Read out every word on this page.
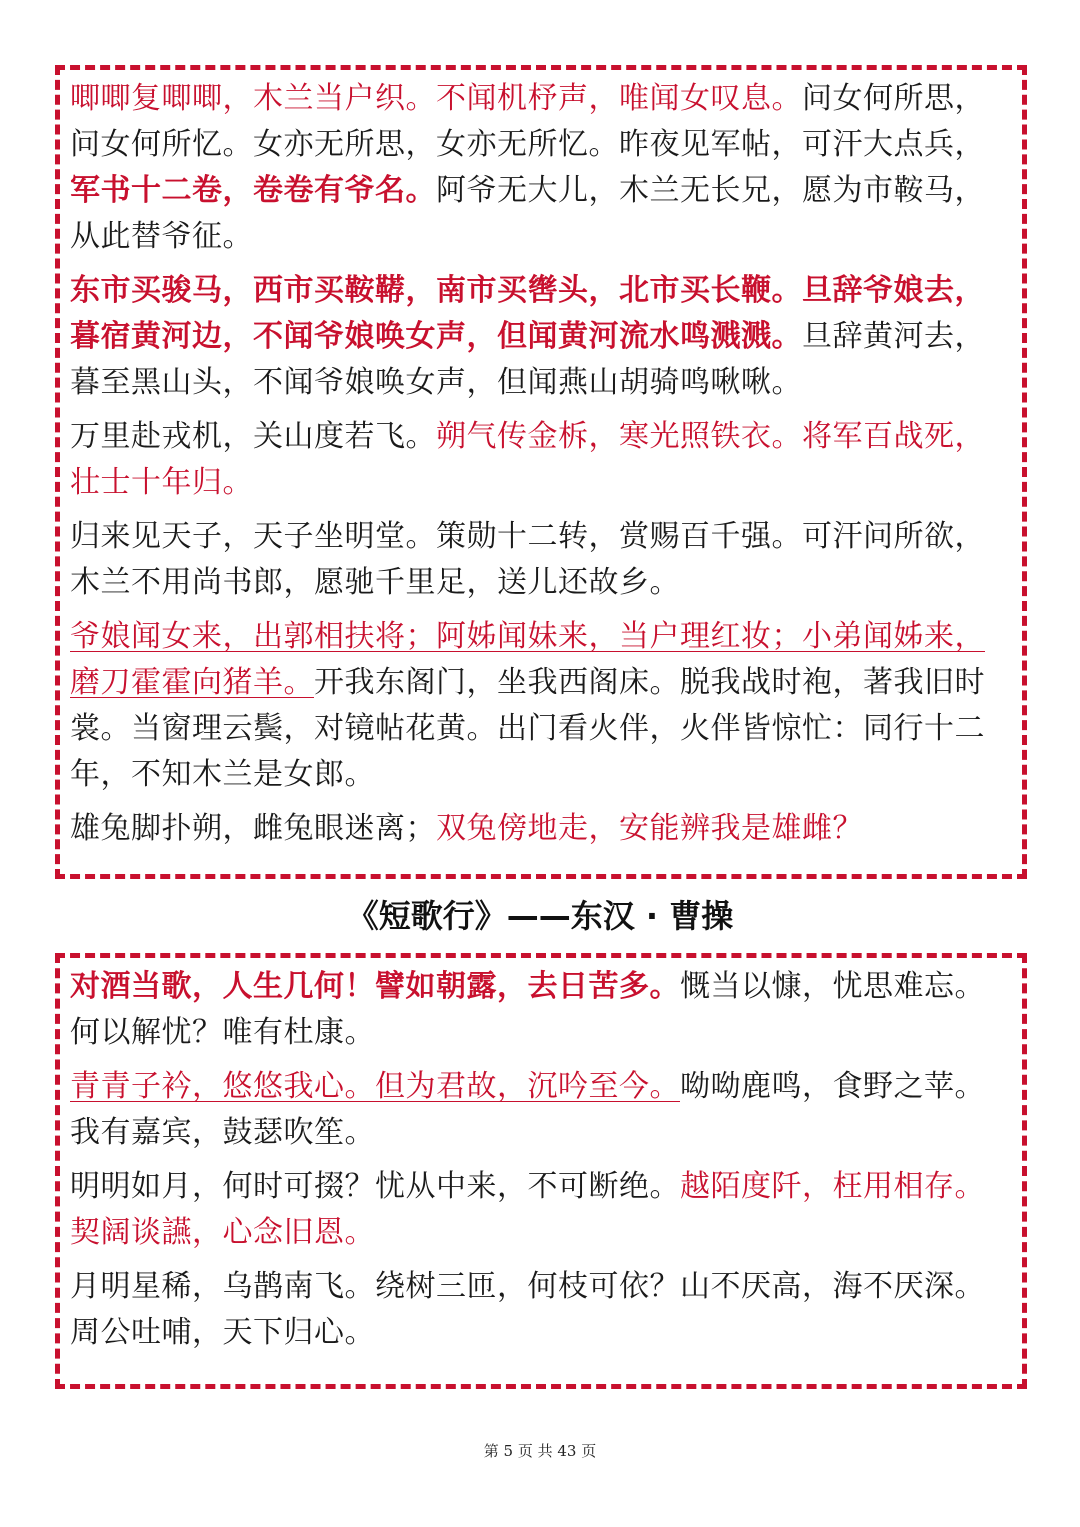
唧唧复唧唧，木兰当户织。不闻机杼声，唯闻女叹息。问女何所思，问女何所忆。女亦无所思，女亦无所忆。昨夜见军帖，可汗大点兵，军书十二卷，卷卷有爷名。阿爷无大儿，木兰无长兄，愿为市鞍马，从此替爷征。

东市买骏马，西市买鞍鞯，南市买辔头，北市买长鞭。旦辞爷娘去，暮宿黄河边，不闻爷娘唤女声，但闻黄河流水鸣溅溅。旦辞黄河去，暮至黑山头，不闻爷娘唤女声，但闻燕山胡骑鸣啾啾。

万里赴戎机，关山度若飞。朔气传金柝，寒光照铁衣。将军百战死，壮士十年归。

归来见天子，天子坐明堂。策勋十二转，赏赐百千强。可汗问所欲，木兰不用尚书郎，愿驰千里足，送儿还故乡。

爷娘闻女来，出郭相扶将；阿姊闻妹来，当户理红妆；小弟闻姊来，磨刀霍霍向猪羊。开我东阁门，坐我西阁床。脱我战时袍，著我旧时裳。当窗理云鬓，对镜帖花黄。出门看火伴，火伴皆惊忙：同行十二年，不知木兰是女郎。

雄兔脚扑朔，雌兔眼迷离；双兔傍地走，安能辨我是雄雌？

《短歌行》——东汉 · 曹操

对酒当歌，人生几何！譬如朝露，去日苦多。慨当以慷，忧思难忘。何以解忧？唯有杜康。

青青子衿，悠悠我心。但为君故，沉吟至今。呦呦鹿鸣，食野之苹。我有嘉宾，鼓瑟吹笙。

明明如月，何时可掇？忧从中来，不可断绝。越陌度阡，枉用相存。契阔谈讌，心念旧恩。

月明星稀，乌鹊南飞。绕树三匝，何枝可依？山不厌高，海不厌深。周公吐哺，天下归心。

第 5 页 共 43 页
